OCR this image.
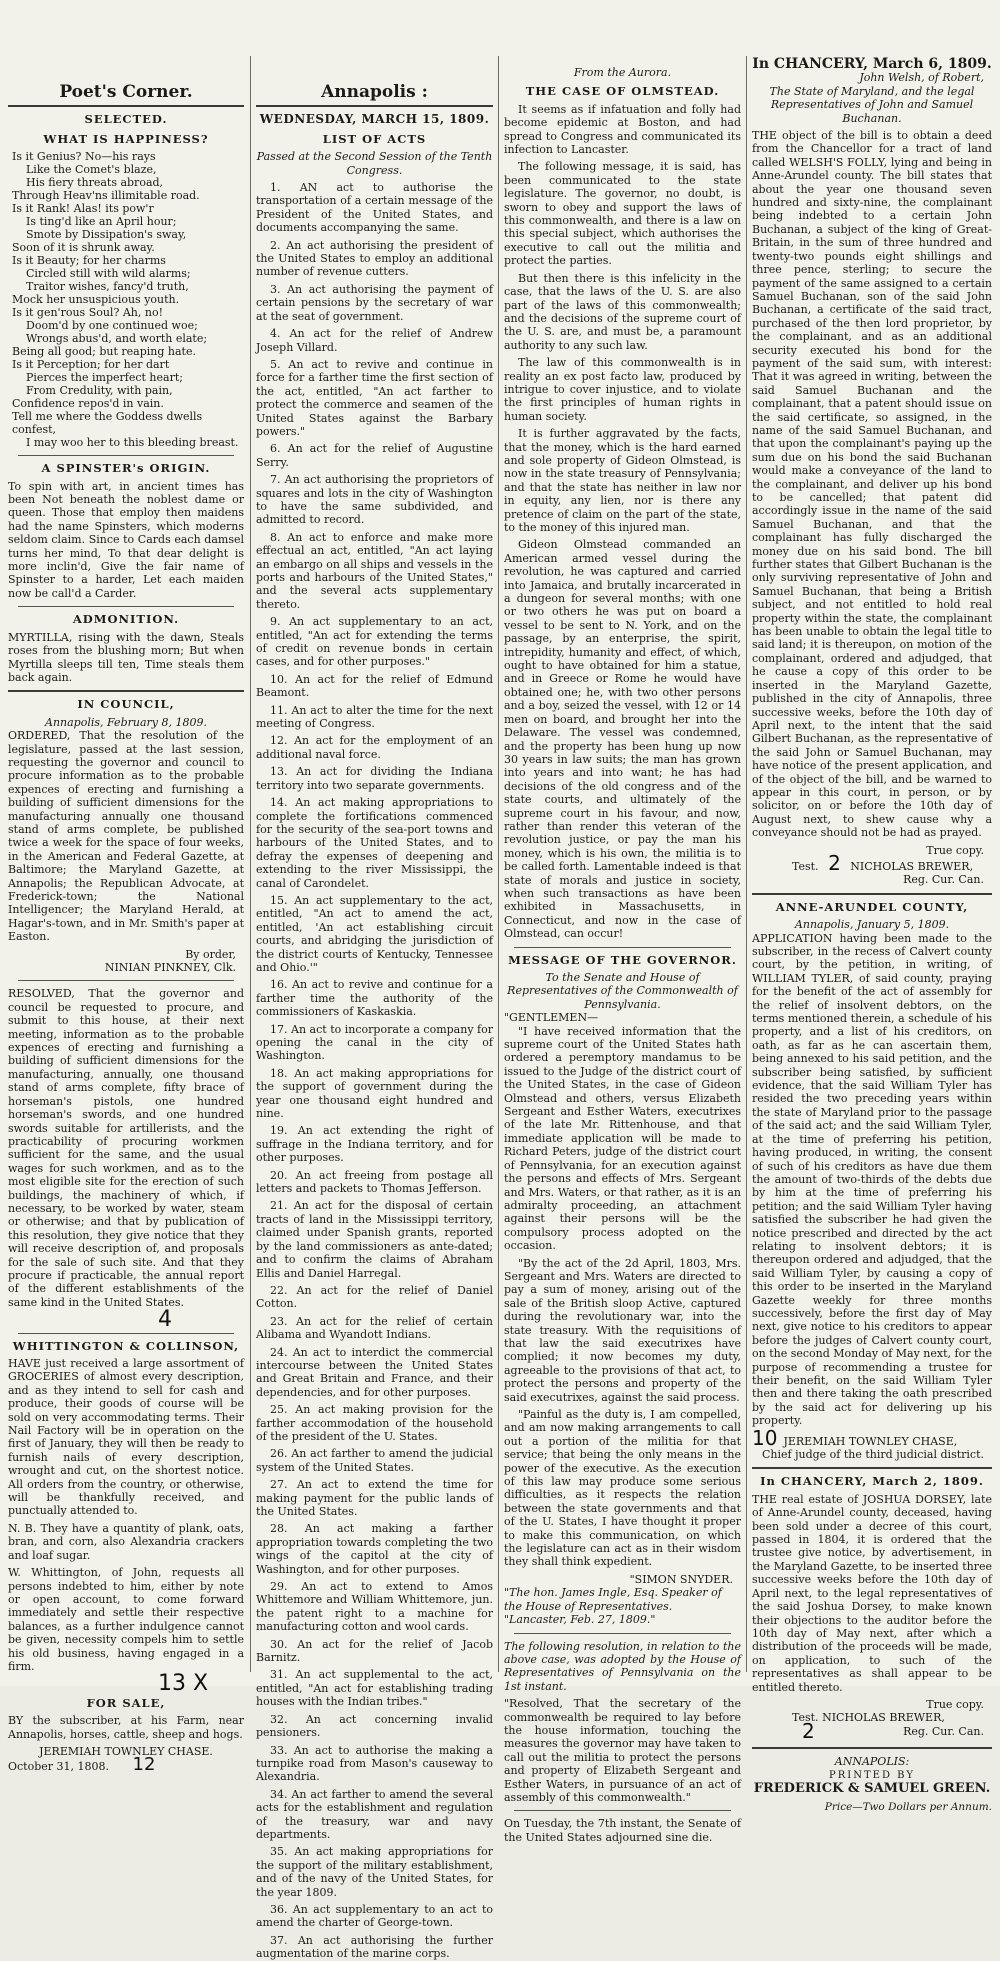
Poet's Corner.
SELECTED.
WHAT IS HAPPINESS?
Is it Genius? No—his rays
Like the Comet's blaze,
His fiery threats abroad,
Through Heav'ns illimitable road.
Is it Rank! Alas! its pow'r
Is ting'd like an April hour;
Smote by Dissipation's sway,
Soon of it is shrunk away.
Is it Beauty; for her charms
Circled still with wild alarms;
Traitor wishes, fancy'd truth,
Mock her unsuspicious youth.
Is it gen'rous Soul? Ah, no!
Doom'd by one continued woe;
Wrongs abus'd, and worth elate;
Being all good; but reaping hate.
Is it Perception; for her dart
Pierces the imperfect heart;
From Credulity, with pain,
Confidence repos'd in vain.
Tell me where the Goddess dwells confest,
I may woo her to this bleeding breast.
A SPINSTER's ORIGIN.

To spin with art, in ancient times has been Not beneath the noblest dame or queen. Those that employ then maidens had the name Spinsters, which moderns seldom claim. Since to Cards each damsel turns her mind, To that dear delight is more inclin'd, Give the fair name of Spinster to a harder, Let each maiden now be call'd a Carder.

ADMONITION.

MYRTILLA, rising with the dawn, Steals roses from the blushing morn; But when Myrtilla sleeps till ten, Time steals them back again.

IN COUNCIL,
Annapolis, February 8, 1809.

ORDERED, That the resolution of the legislature, passed at the last session, requesting the governor and council to procure information as to the probable expences of erecting and furnishing a building of sufficient dimensions for the manufacturing annually one thousand stand of arms complete, be published twice a week for the space of four weeks, in the American and Federal Gazette, at Baltimore; the Maryland Gazette, at Annapolis; the Republican Advocate, at Frederick-town; the National Intelligencer; the Maryland Herald, at Hagar's-town, and in Mr. Smith's paper at Easton.

By order,
NINIAN PINKNEY, Clk.

RESOLVED, That the governor and council be requested to procure, and submit to this house, at their next meeting, information as to the probable expences of erecting and furnishing a building of sufficient dimensions for the manufacturing, annually, one thousand stand of arms complete, fifty brace of horseman's pistols, one hundred horseman's swords, and one hundred swords suitable for artillerists, and the practicability of procuring workmen sufficient for the same, and the usual wages for such workmen, and as to the most eligible site for the erection of such buildings, the machinery of which, if necessary, to be worked by water, steam or otherwise; and that by publication of this resolution, they give notice that they will receive description of, and proposals for the sale of such site. And that they procure if practicable, the annual report of the different establishments of the same kind in the United States.

4
WHITTINGTON & COLLINSON,

HAVE just received a large assortment of GROCERIES of almost every description, and as they intend to sell for cash and produce, their goods of course will be sold on very accommodating terms. Their Nail Factory will be in operation on the first of January, they will then be ready to furnish nails of every description, wrought and cut, on the shortest notice. All orders from the country, or otherwise, will be thankfully received, and punctually attended to.

N. B. They have a quantity of plank, oats, bran, and corn, also Alexandria crackers and loaf sugar.

W. Whittington, of John, requests all persons indebted to him, either by note or open account, to come forward immediately and settle their respective balances, as a further indulgence cannot be given, necessity compels him to settle his old business, having engaged in a firm.

13 X
FOR SALE,

BY the subscriber, at his Farm, near Annapolis, horses, cattle, sheep and hogs.

JEREMIAH TOWNLEY CHASE.
October 31, 1808. 12
Annapolis :
WEDNESDAY, MARCH 15, 1809.
LIST OF ACTS
Passed at the Second Session of the Tenth Congress.

1. AN act to authorise the transportation of a certain message of the President of the United States, and documents accompanying the same.

2. An act authorising the president of the United States to employ an additional number of revenue cutters.

3. An act authorising the payment of certain pensions by the secretary of war at the seat of government.

4. An act for the relief of Andrew Joseph Villard.

5. An act to revive and continue in force for a farther time the first section of the act, entitled, "An act farther to protect the commerce and seamen of the United States against the Barbary powers."

6. An act for the relief of Augustine Serry.

7. An act authorising the proprietors of squares and lots in the city of Washington to have the same subdivided, and admitted to record.

8. An act to enforce and make more effectual an act, entitled, "An act laying an embargo on all ships and vessels in the ports and harbours of the United States," and the several acts supplementary thereto.

9. An act supplementary to an act, entitled, "An act for extending the terms of credit on revenue bonds in certain cases, and for other purposes."

10. An act for the relief of Edmund Beamont.

11. An act to alter the time for the next meeting of Congress.

12. An act for the employment of an additional naval force.

13. An act for dividing the Indiana territory into two separate governments.

14. An act making appropriations to complete the fortifications commenced for the security of the sea-port towns and harbours of the United States, and to defray the expenses of deepening and extending to the river Mississippi, the canal of Carondelet.

15. An act supplementary to the act, entitled, "An act to amend the act, entitled, 'An act establishing circuit courts, and abridging the jurisdiction of the district courts of Kentucky, Tennessee and Ohio.'"

16. An act to revive and continue for a farther time the authority of the commissioners of Kaskaskia.

17. An act to incorporate a company for opening the canal in the city of Washington.

18. An act making appropriations for the support of government during the year one thousand eight hundred and nine.

19. An act extending the right of suffrage in the Indiana territory, and for other purposes.

20. An act freeing from postage all letters and packets to Thomas Jefferson.

21. An act for the disposal of certain tracts of land in the Mississippi territory, claimed under Spanish grants, reported by the land commissioners as ante-dated; and to confirm the claims of Abraham Ellis and Daniel Harregal.

22. An act for the relief of Daniel Cotton.

23. An act for the relief of certain Alibama and Wyandott Indians.

24. An act to interdict the commercial intercourse between the United States and Great Britain and France, and their dependencies, and for other purposes.

25. An act making provision for the farther accommodation of the household of the president of the U. States.

26. An act farther to amend the judicial system of the United States.

27. An act to extend the time for making payment for the public lands of the United States.

28. An act making a farther appropriation towards completing the two wings of the capitol at the city of Washington, and for other purposes.

29. An act to extend to Amos Whittemore and William Whittemore, jun. the patent right to a machine for manufacturing cotton and wool cards.

30. An act for the relief of Jacob Barnitz.

31. An act supplemental to the act, entitled, "An act for establishing trading houses with the Indian tribes."

32. An act concerning invalid pensioners.

33. An act to authorise the making a turnpike road from Mason's causeway to Alexandria.

34. An act farther to amend the several acts for the establishment and regulation of the treasury, war and navy departments.

35. An act making appropriations for the support of the military establishment, and of the navy of the United States, for the year 1809.

36. An act supplementary to an act to amend the charter of George-town.

37. An act authorising the further augmentation of the marine corps.

From the Aurora.
THE CASE OF OLMSTEAD.

It seems as if infatuation and folly had become epidemic at Boston, and had spread to Congress and communicated its infection to Lancaster.

The following message, it is said, has been communicated to the state legislature. The governor, no doubt, is sworn to obey and support the laws of this commonwealth, and there is a law on this special subject, which authorises the executive to call out the militia and protect the parties.

But then there is this infelicity in the case, that the laws of the U. S. are also part of the laws of this commonwealth; and the decisions of the supreme court of the U. S. are, and must be, a paramount authority to any such law.

The law of this commonwealth is in reality an ex post facto law, produced by intrigue to cover injustice, and to violate the first principles of human rights in human society.

It is further aggravated by the facts, that the money, which is the hard earned and sole property of Gideon Olmstead, is now in the state treasury of Pennsylvania; and that the state has neither in law nor in equity, any lien, nor is there any pretence of claim on the part of the state, to the money of this injured man.

Gideon Olmstead commanded an American armed vessel during the revolution, he was captured and carried into Jamaica, and brutally incarcerated in a dungeon for several months; with one or two others he was put on board a vessel to be sent to N. York, and on the passage, by an enterprise, the spirit, intrepidity, humanity and effect, of which, ought to have obtained for him a statue, and in Greece or Rome he would have obtained one; he, with two other persons and a boy, seized the vessel, with 12 or 14 men on board, and brought her into the Delaware. The vessel was condemned, and the property has been hung up now 30 years in law suits; the man has grown into years and into want; he has had decisions of the old congress and of the state courts, and ultimately of the supreme court in his favour, and now, rather than render this veteran of the revolution justice, or pay the man his money, which is his own, the militia is to be called forth. Lamentable indeed is that state of morals and justice in society, when such transactions as have been exhibited in Massachusetts, in Connecticut, and now in the case of Olmstead, can occur!

MESSAGE OF THE GOVERNOR.
To the Senate and House of Representatives of the Commonwealth of Pennsylvania.
"GENTLEMEN—

"I have received information that the supreme court of the United States hath ordered a peremptory mandamus to be issued to the Judge of the district court of the United States, in the case of Gideon Olmstead and others, versus Elizabeth Sergeant and Esther Waters, executrixes of the late Mr. Rittenhouse, and that immediate application will be made to Richard Peters, judge of the district court of Pennsylvania, for an execution against the persons and effects of Mrs. Sergeant and Mrs. Waters, or that rather, as it is an admiralty proceeding, an attachment against their persons will be the compulsory process adopted on the occasion.

"By the act of the 2d April, 1803, Mrs. Sergeant and Mrs. Waters are directed to pay a sum of money, arising out of the sale of the British sloop Active, captured during the revolutionary war, into the state treasury. With the requisitions of that law the said executrixes have complied; it now becomes my duty, agreeable to the provisions of that act, to protect the persons and property of the said executrixes, against the said process.

"Painful as the duty is, I am compelled, and am now making arrangements to call out a portion of the militia for that service; that being the only means in the power of the executive. As the execution of this law may produce some serious difficulties, as it respects the relation between the state governments and that of the U. States, I have thought it proper to make this communication, on which the legislature can act as in their wisdom they shall think expedient.

"SIMON SNYDER.
"The hon. James Ingle, Esq. Speaker of the House of Representatives.
"Lancaster, Feb. 27, 1809."

The following resolution, in relation to the above case, was adopted by the House of Representatives of Pennsylvania on the 1st instant.

"Resolved, That the secretary of the commonwealth be required to lay before the house information, touching the measures the governor may have taken to call out the militia to protect the persons and property of Elizabeth Sergeant and Esther Waters, in pursuance of an act of assembly of this commonwealth."

On Tuesday, the 7th instant, the Senate of the United States adjourned sine die.

In CHANCERY, March 6, 1809.
John Welsh, of Robert,
The State of Maryland, and the legal Representatives of John and Samuel Buchanan.

THE object of the bill is to obtain a deed from the Chancellor for a tract of land called WELSH'S FOLLY, lying and being in Anne-Arundel county. The bill states that about the year one thousand seven hundred and sixty-nine, the complainant being indebted to a certain John Buchanan, a subject of the king of Great-Britain, in the sum of three hundred and twenty-two pounds eight shillings and three pence, sterling; to secure the payment of the same assigned to a certain Samuel Buchanan, son of the said John Buchanan, a certificate of the said tract, purchased of the then lord proprietor, by the complainant, and as an additional security executed his bond for the payment of the said sum, with interest: That it was agreed in writing, between the said Samuel Buchanan and the complainant, that a patent should issue on the said certificate, so assigned, in the name of the said Samuel Buchanan, and that upon the complainant's paying up the sum due on his bond the said Buchanan would make a conveyance of the land to the complainant, and deliver up his bond to be cancelled; that patent did accordingly issue in the name of the said Samuel Buchanan, and that the complainant has fully discharged the money due on his said bond. The bill further states that Gilbert Buchanan is the only surviving representative of John and Samuel Buchanan, that being a British subject, and not entitled to hold real property within the state, the complainant has been unable to obtain the legal title to said land; it is thereupon, on motion of the complainant, ordered and adjudged, that he cause a copy of this order to be inserted in the Maryland Gazette, published in the city of Annapolis, three successive weeks, before the 10th day of April next, to the intent that the said Gilbert Buchanan, as the representative of the said John or Samuel Buchanan, may have notice of the present application, and of the object of the bill, and be warned to appear in this court, in person, or by solicitor, on or before the 10th day of August next, to shew cause why a conveyance should not be had as prayed.

True copy.
Test. 2 NICHOLAS BREWER,
Reg. Cur. Can.
ANNE-ARUNDEL COUNTY,
Annapolis, January 5, 1809.

APPLICATION having been made to the subscriber, in the recess of Calvert county court, by the petition, in writing, of WILLIAM TYLER, of said county, praying for the benefit of the act of assembly for the relief of insolvent debtors, on the terms mentioned therein, a schedule of his property, and a list of his creditors, on oath, as far as he can ascertain them, being annexed to his said petition, and the subscriber being satisfied, by sufficient evidence, that the said William Tyler has resided the two preceding years within the state of Maryland prior to the passage of the said act; and the said William Tyler, at the time of preferring his petition, having produced, in writing, the consent of such of his creditors as have due them the amount of two-thirds of the debts due by him at the time of preferring his petition; and the said William Tyler having satisfied the subscriber he had given the notice prescribed and directed by the act relating to insolvent debtors; it is thereupon ordered and adjudged, that the said William Tyler, by causing a copy of this order to be inserted in the Maryland Gazette weekly for three months successively, before the first day of May next, give notice to his creditors to appear before the judges of Calvert county court, on the second Monday of May next, for the purpose of recommending a trustee for their benefit, on the said William Tyler then and there taking the oath prescribed by the said act for delivering up his property.

10 JEREMIAH TOWNLEY CHASE,
Chief judge of the third judicial district.
In CHANCERY, March 2, 1809.

THE real estate of JOSHUA DORSEY, late of Anne-Arundel county, deceased, having been sold under a decree of this court, passed in 1804, it is ordered that the trustee give notice, by advertisement, in the Maryland Gazette, to be inserted three successive weeks before the 10th day of April next, to the legal representatives of the said Joshua Dorsey, to make known their objections to the auditor before the 10th day of May next, after which a distribution of the proceeds will be made, on application, to such of the representatives as shall appear to be entitled thereto.

True copy.
Test. NICHOLAS BREWER,
2	Reg. Cur. Can.
ANNAPOLIS:
PRINTED BY
FREDERICK & SAMUEL GREEN.
Price—Two Dollars per Annum.
